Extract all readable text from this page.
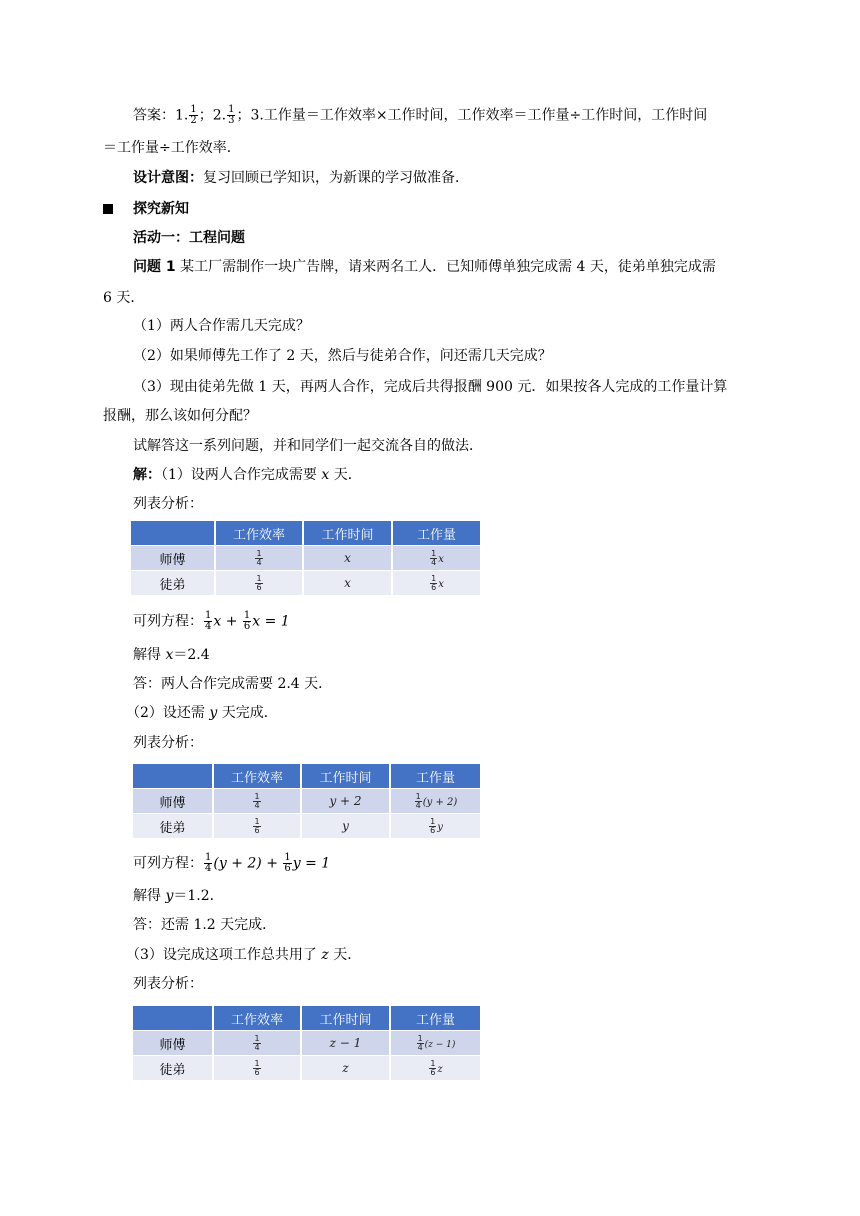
答案：1. $\frac{1}{2}$ ；2. $\frac{1}{3}$ ；3.工作量＝工作效率×工作时间，工作效率＝工作量÷工作时间，工作时间
＝工作量÷工作效率．
设计意图：复习回顾已学知识，为新课的学习做准备．
探究新知
活动一：工程问题
问题 1 某工厂需制作一块广告牌，请来两名工人．已知师傅单独完成需 4 天，徒弟单独完成需
6 天．
（1）两人合作需几天完成？
（2）如果师傅先工作了 2 天，然后与徒弟合作，问还需几天完成？
（3）现由徒弟先做 1 天，再两人合作，完成后共得报酬 900 元．如果按各人完成的工作量计算
报酬，那么该如何分配？
试解答这一系列问题，并和同学们一起交流各自的做法．
解：（1）设两人合作完成需要 x 天．
列表分析：
	工作效率	工作时间	工作量
师傅	$\frac{1}{4}$	x	$\frac{1}{4}$ x
徒弟	$\frac{1}{6}$	x	$\frac{1}{6}$ x
可列方程： $\frac{1}{4}$ $x + \frac{1}{6}$ x = 1
解得 x＝2.4
答：两人合作完成需要 2.4 天．
（2）设还需 y 天完成．
列表分析：
	工作效率	工作时间	工作量
师傅	$\frac{1}{4}$	y + 2	$\frac{1}{4} (y + 2)$
徒弟	$\frac{1}{6}$	y	$\frac{1}{6}$ y
可列方程： $\frac{1}{4} (y + 2) + \frac{1}{6}$ y = 1
解得 y＝1.2．
答：还需 1.2 天完成．
（3）设完成这项工作总共用了 z 天．
列表分析：
	工作效率	工作时间	工作量
师傅	$\frac{1}{4}$	z − 1	$\frac{1}{4} (z - 1)$
徒弟	$\frac{1}{6}$	z	$\frac{1}{6}$ z
